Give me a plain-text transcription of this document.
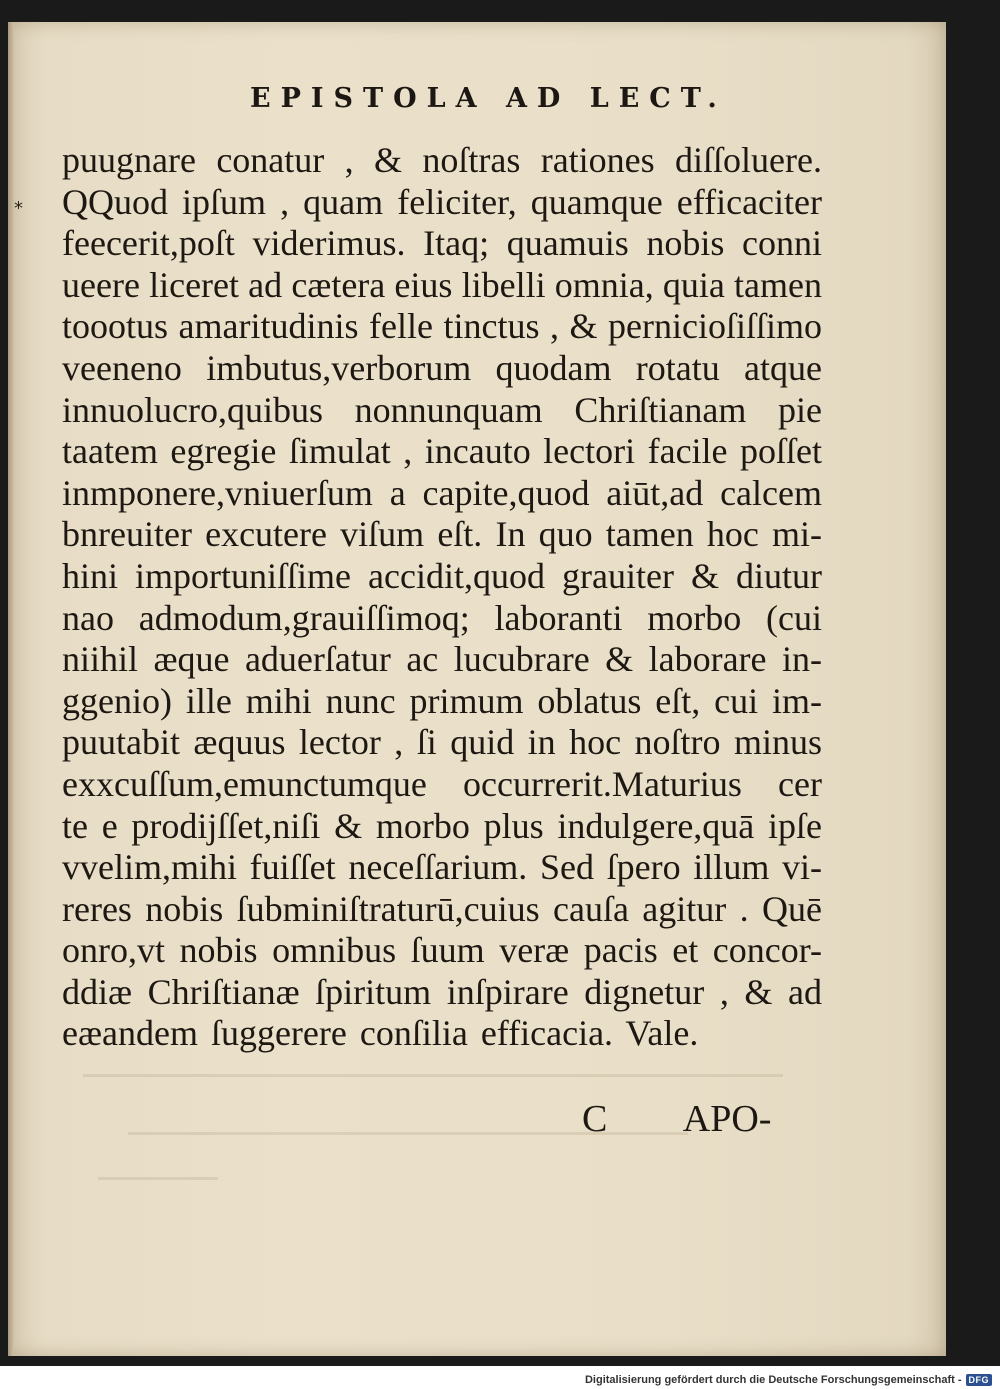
EPISTOLA AD LECT.
*
puugnare conatur , & noſtras rationes diſſoluere.
QQuod ipſum , quam feliciter, quamque efficaciter
feecerit,poſt viderimus. Itaq; quamuis nobis conni
ueere liceret ad cætera eius libelli omnia, quia tamen
toootus amaritudinis felle tinctus , & pernicioſiſſimo
veeneno imbutus,verborum quodam rotatu atque
innuolucro,quibus nonnunquam Chriſtianam pie
taatem egregie ſimulat , incauto lectori facile poſſet
inmponere,vniuerſum a capite,quod aiūt,ad calcem
bnreuiter excutere viſum eſt. In quo tamen hoc mi-
hini importuniſſime accidit,quod grauiter & diutur
nao admodum,grauiſſimoq; laboranti morbo (cui
niihil æque aduerſatur ac lucubrare & laborare in-
ggenio) ille mihi nunc primum oblatus eſt, cui im-
puutabit æquus lector , ſi quid in hoc noſtro minus
exxcuſſum,emunctumque occurrerit.Maturius cer
te e prodijſſet,niſi & morbo plus indulgere,quā ipſe
vvelim,mihi fuiſſet neceſſarium. Sed ſpero illum vi-
reres nobis ſubminiſtraturū,cuius cauſa agitur . Quē
onro,vt nobis omnibus ſuum veræ pacis et concor-
ddiæ Chriſtianæ ſpiritum inſpirare dignetur , & ad
eæandem ſuggerere conſilia efficacia. Vale.
C APO-
Digitalisierung gefördert durch die Deutsche Forschungsgemeinschaft - DFG
